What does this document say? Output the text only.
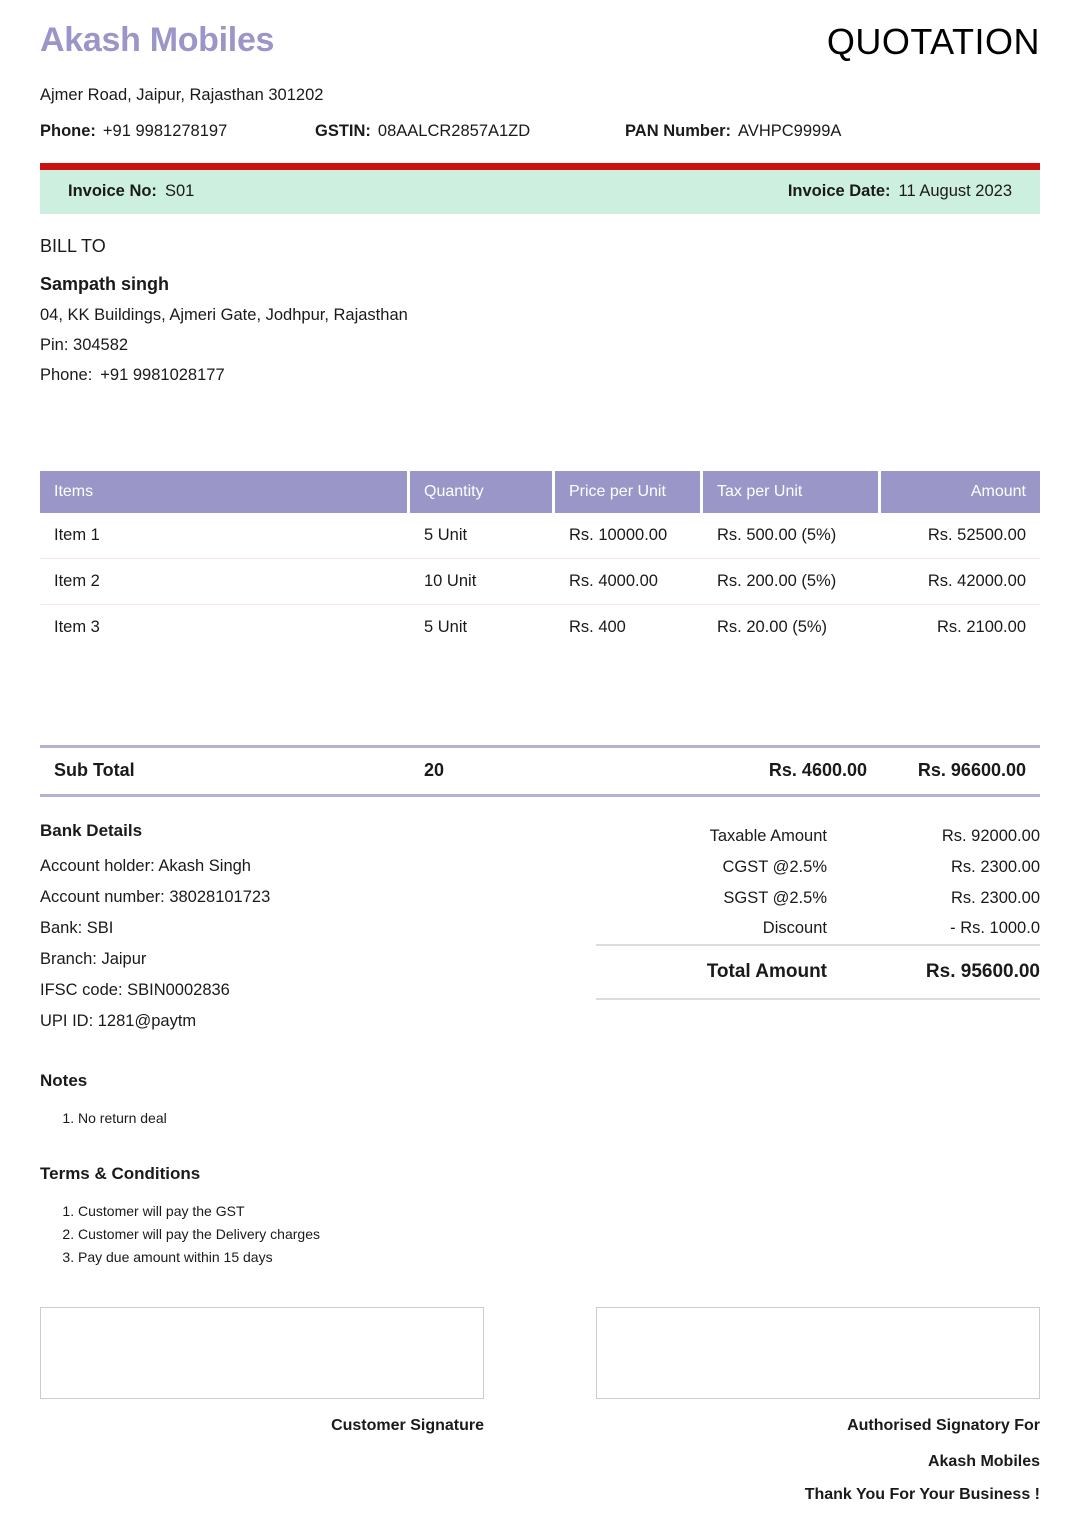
Akash Mobiles	QUOTATION
Ajmer Road, Jaipur, Rajasthan 301202
Phone: +91 9981278197	GSTIN: 08AALCR2857A1ZD	PAN Number: AVHPC9999A
Invoice No: S01	Invoice Date: 11 August 2023
BILL TO
Sampath singh
04, KK Buildings, Ajmeri Gate, Jodhpur, Rajasthan
Pin: 304582
Phone: +91 9981028177
Items	Quantity	Price per Unit	Tax per Unit	Amount
Item 1	5 Unit	Rs. 10000.00	Rs. 500.00 (5%)	Rs. 52500.00
Item 2	10 Unit	Rs. 4000.00	Rs. 200.00 (5%)	Rs. 42000.00
Item 3	5 Unit	Rs. 400	Rs. 20.00 (5%)	Rs. 2100.00
Sub Total	20		Rs. 4600.00	Rs. 96600.00
Bank Details
Account holder: Akash Singh
Account number: 38028101723
Bank: SBI
Branch: Jaipur
IFSC code: SBIN0002836
UPI ID: 1281@paytm
Taxable Amount	Rs. 92000.00
CGST @2.5%	Rs. 2300.00
SGST @2.5%	Rs. 2300.00
Discount	- Rs. 1000.0
Total Amount	Rs. 95600.00
Notes
1. No return deal
Terms & Conditions
1. Customer will pay the GST
2. Customer will pay the Delivery charges
3. Pay due amount within 15 days
Customer Signature	Authorised Signatory For
Akash Mobiles
Thank You For Your Business !
